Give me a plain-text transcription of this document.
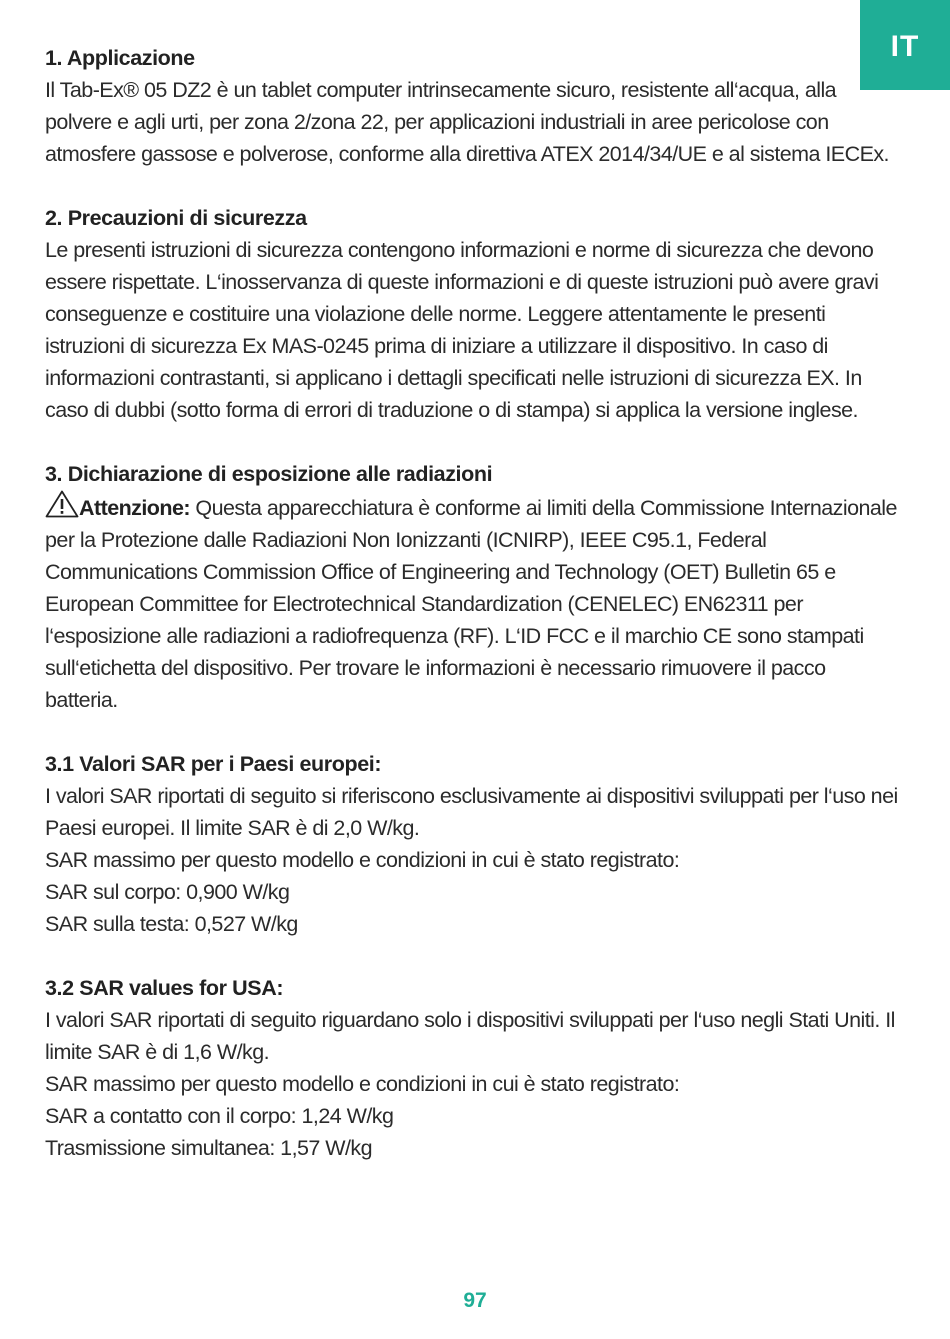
IT
1. Applicazione

Il Tab-Ex® 05 DZ2 è un tablet computer intrinsecamente sicuro, resistente all‘acqua, alla polvere e agli urti, per zona 2/zona 22, per applicazioni industriali in aree pericolose con atmosfere gassose e polverose, conforme alla direttiva ATEX 2014/34/UE e al sistema IECEx.

2. Precauzioni di sicurezza

Le presenti istruzioni di sicurezza contengono informazioni e norme di sicurezza che devono essere rispettate. L‘inosservanza di queste informazioni e di queste istruzioni può avere gravi conseguenze e costituire una violazione delle norme. Leggere attentamente le presenti istruzioni di sicurezza Ex MAS-0245 prima di iniziare a utilizzare il dispositivo. In caso di informazioni contrastanti, si applicano i dettagli specificati nelle istruzioni di sicurezza EX. In caso di dubbi (sotto forma di errori di traduzione o di stampa) si applica la versione inglese.

3. Dichiarazione di esposizione alle radiazioni

Attenzione: Questa apparecchiatura è conforme ai limiti della Commissione Internazionale per la Protezione dalle Radiazioni Non Ionizzanti (ICNIRP), IEEE C95.1, Federal Communications Commission Office of Engineering and Technology (OET) Bulletin 65 e European Committee for Electrotechnical Standardization (CENELEC) EN62311 per l‘esposizione alle radiazioni a radiofrequenza (RF). L‘ID FCC e il marchio CE sono stampati sull‘etichetta del dispositivo. Per trovare le informazioni è necessario rimuovere il pacco batteria.

3.1 Valori SAR per i Paesi europei:

I valori SAR riportati di seguito si riferiscono esclusivamente ai dispositivi sviluppati per l‘uso nei Paesi europei. Il limite SAR è di 2,0 W/kg.

SAR massimo per questo modello e condizioni in cui è stato registrato:
SAR sul corpo: 0,900 W/kg
SAR sulla testa: 0,527 W/kg
3.2 SAR values for USA:

I valori SAR riportati di seguito riguardano solo i dispositivi sviluppati per l‘uso negli Stati Uniti. Il limite SAR è di 1,6 W/kg.

SAR massimo per questo modello e condizioni in cui è stato registrato:
SAR a contatto con il corpo: 1,24 W/kg
Trasmissione simultanea: 1,57 W/kg
97
